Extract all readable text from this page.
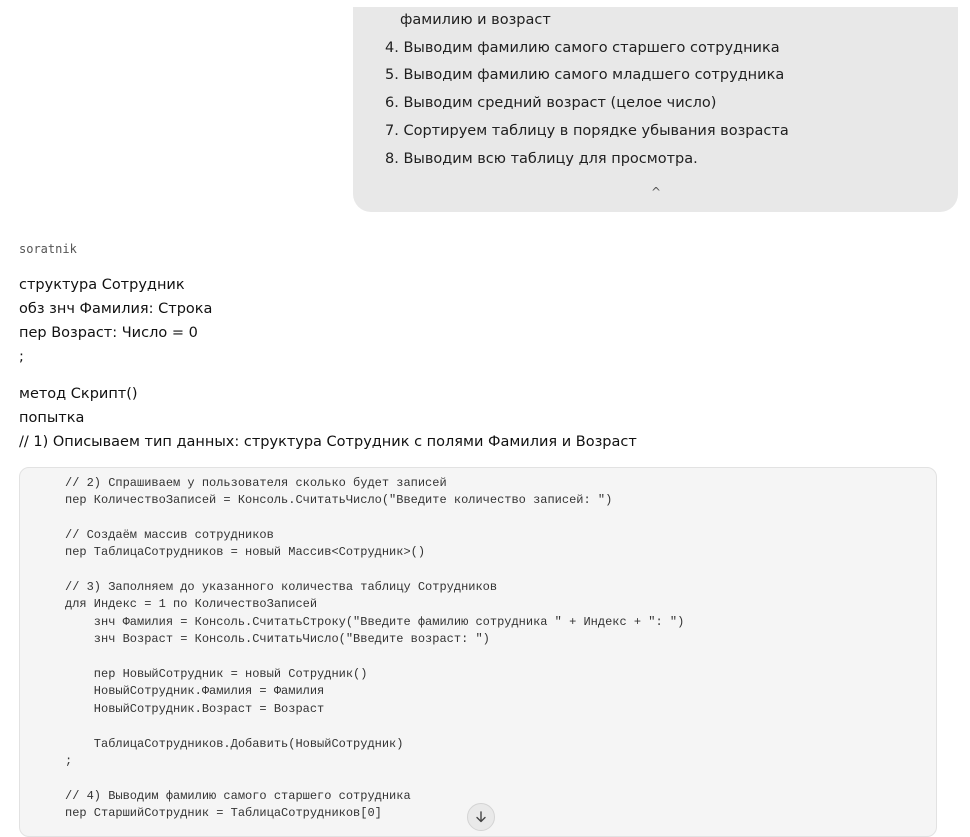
фамилию и возраст
4. Выводим фамилию самого старшего сотрудника
5. Выводим фамилию самого младшего сотрудника
6. Выводим средний возраст (целое число)
7. Сортируем таблицу в порядке убывания возраста
8. Выводим всю таблицу для просмотра.
^
soratnik
структура Сотрудник
обз знч Фамилия: Строка
пер Возраст: Число = 0
;
метод Скрипт()
попытка
// 1) Описываем тип данных: структура Сотрудник с полями Фамилия и Возраст
// 2) Спрашиваем у пользователя сколько будет записей
пер КоличествоЗаписей = Консоль.СчитатьЧисло("Введите количество записей: ")
// Создаём массив сотрудников
пер ТаблицаСотрудников = новый Массив<Сотрудник>()
// 3) Заполняем до указанного количества таблицу Сотрудников
для Индекс = 1 по КоличествоЗаписей
знч Фамилия = Консоль.СчитатьСтроку("Введите фамилию сотрудника " + Индекс + ": ")
знч Возраст = Консоль.СчитатьЧисло("Введите возраст: ")
пер НовыйСотрудник = новый Сотрудник()
НовыйСотрудник.Фамилия = Фамилия
НовыйСотрудник.Возраст = Возраст
ТаблицаСотрудников.Добавить(НовыйСотрудник)
;
// 4) Выводим фамилию самого старшего сотрудника
пер СтаршийСотрудник = ТаблицаСотрудников[0]
